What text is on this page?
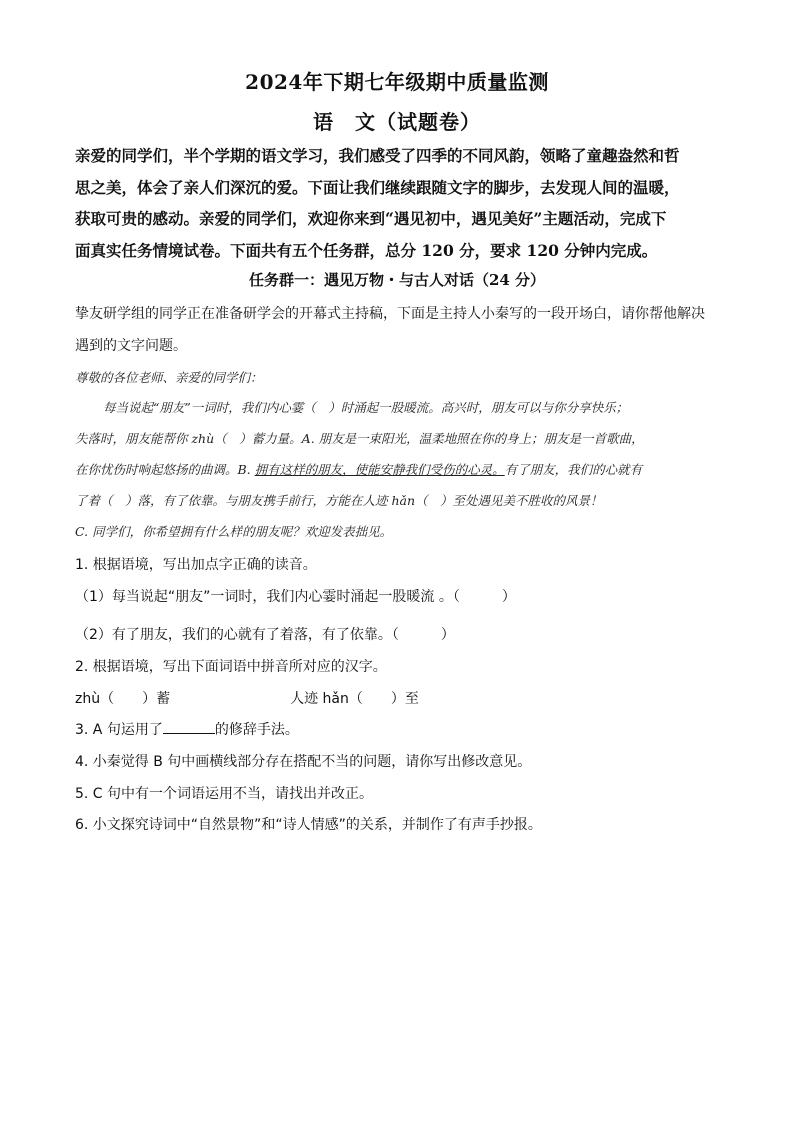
2024年下期七年级期中质量监测
语　文（试题卷）

亲爱的同学们，半个学期的语文学习，我们感受了四季的不同风韵，领略了童趣盎然和哲

思之美，体会了亲人们深沉的爱。下面让我们继续跟随文字的脚步，去发现人间的温暖，

获取可贵的感动。亲爱的同学们，欢迎你来到“遇见初中，遇见美好”主题活动，完成下

面真实任务情境试卷。下面共有五个任务群，总分 120 分，要求 120 分钟内完成。

任务群一：遇见万物・与古人对话（24 分）
挚友研学组的同学正在准备研学会的开幕式主持稿，下面是主持人小秦写的一段开场白，请你帮他解决
遇到的文字问题。
尊敬的各位老师、亲爱的同学们：
每当说起“朋友”一词时，我们内心霎（　）时涌起一股暖流。高兴时，朋友可以与你分享快乐；
失落时，朋友能帮你 zhù（　）蓄力量。A. 朋友是一束阳光，温柔地照在你的身上；朋友是一首歌曲，
在你忧伤时响起悠扬的曲调。B. 拥有这样的朋友，使能安静我们受伤的心灵。有了朋友，我们的心就有
了着（　）落，有了依靠。与朋友携手前行，方能在人迹 hǎn（　）至处遇见美不胜收的风景！
C. 同学们，你希望拥有什么样的朋友呢？欢迎发表拙见。
1. 根据语境，写出加点字正确的读音。
（1）每当说起“朋友”一词时，我们内心霎时涌起一股暖流 。（　　　）
（2）有了朋友，我们的心就有了着落，有了依靠。（　　　）
2. 根据语境，写出下面词语中拼音所对应的汉字。
zhù（　　）蓄	人迹 hǎn（　　）至
3. A 句运用了	的修辞手法。
4. 小秦觉得 B 句中画横线部分存在搭配不当的问题，请你写出修改意见。
5. C 句中有一个词语运用不当，请找出并改正。
6. 小文探究诗词中“自然景物”和“诗人情感”的关系，并制作了有声手抄报。
